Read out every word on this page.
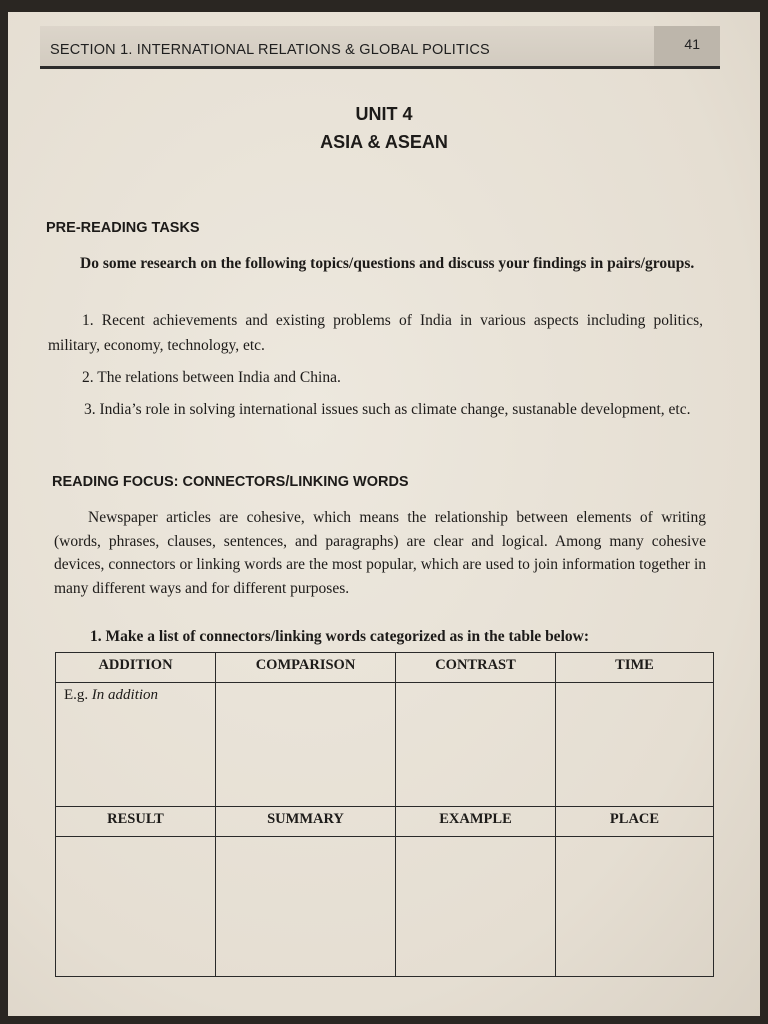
SECTION 1. INTERNATIONAL RELATIONS & GLOBAL POLITICS	41
UNIT 4
ASIA & ASEAN
PRE-READING TASKS
Do some research on the following topics/questions and discuss your findings in pairs/groups.
1. Recent achievements and existing problems of India in various aspects including politics, military, economy, technology, etc.
2. The relations between India and China.
3. India’s role in solving international issues such as climate change, sustanable development, etc.
READING FOCUS: CONNECTORS/LINKING WORDS
Newspaper articles are cohesive, which means the relationship between elements of writing (words, phrases, clauses, sentences, and paragraphs) are clear and logical. Among many cohesive devices, connectors or linking words are the most popular, which are used to join information together in many different ways and for different purposes.
1. Make a list of connectors/linking words categorized as in the table below:
ADDITION	COMPARISON	CONTRAST	TIME
E.g. In addition			
RESULT	SUMMARY	EXAMPLE	PLACE
